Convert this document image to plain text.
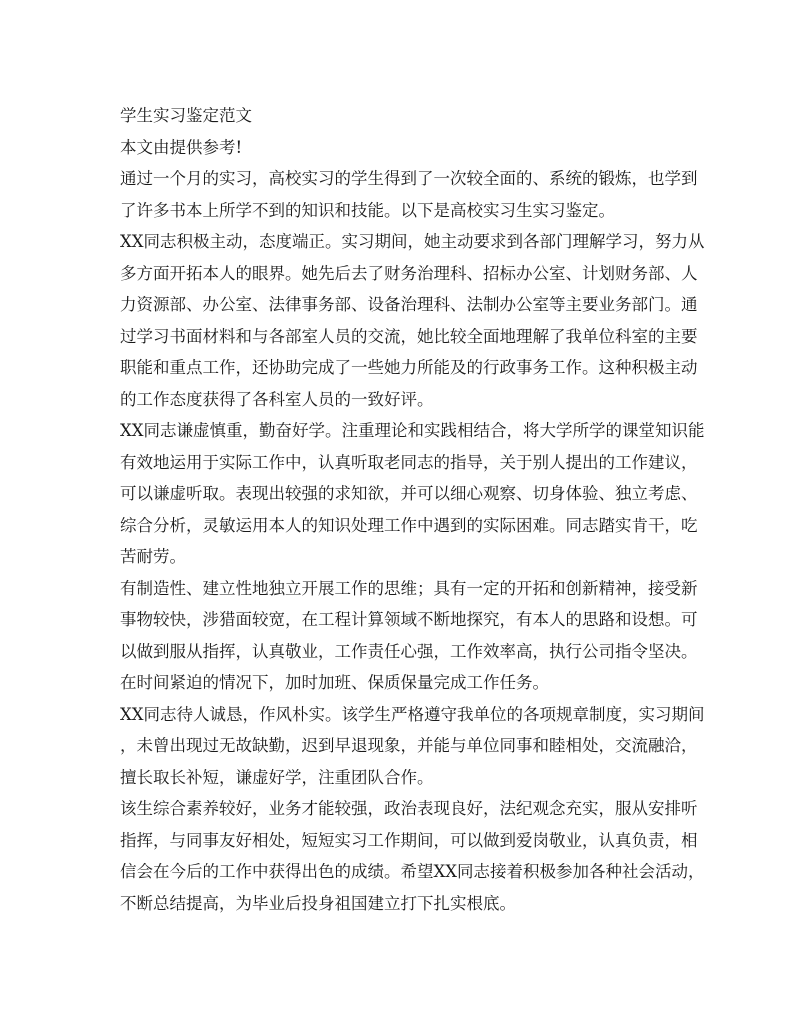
学生实习鉴定范文
本文由提供参考!
通过一个月的实习，高校实习的学生得到了一次较全面的、系统的锻炼，也学到
了许多书本上所学不到的知识和技能。以下是高校实习生实习鉴定。
XX同志积极主动，态度端正。实习期间，她主动要求到各部门理解学习，努力从
多方面开拓本人的眼界。她先后去了财务治理科、招标办公室、计划财务部、人
力资源部、办公室、法律事务部、设备治理科、法制办公室等主要业务部门。通
过学习书面材料和与各部室人员的交流，她比较全面地理解了我单位科室的主要
职能和重点工作，还协助完成了一些她力所能及的行政事务工作。这种积极主动
的工作态度获得了各科室人员的一致好评。
XX同志谦虚慎重，勤奋好学。注重理论和实践相结合，将大学所学的课堂知识能
有效地运用于实际工作中，认真听取老同志的指导，关于别人提出的工作建议，
可以谦虚听取。表现出较强的求知欲，并可以细心观察、切身体验、独立考虑、
综合分析，灵敏运用本人的知识处理工作中遇到的实际困难。同志踏实肯干，吃
苦耐劳。
有制造性、建立性地独立开展工作的思维；具有一定的开拓和创新精神，接受新
事物较快，涉猎面较宽，在工程计算领域不断地探究，有本人的思路和设想。可
以做到服从指挥，认真敬业，工作责任心强，工作效率高，执行公司指令坚决。
在时间紧迫的情况下，加时加班、保质保量完成工作任务。
XX同志待人诚恳，作风朴实。该学生严格遵守我单位的各项规章制度，实习期间
，未曾出现过无故缺勤，迟到早退现象，并能与单位同事和睦相处，交流融洽，
擅长取长补短，谦虚好学，注重团队合作。
该生综合素养较好，业务才能较强，政治表现良好，法纪观念充实，服从安排听
指挥，与同事友好相处，短短实习工作期间，可以做到爱岗敬业，认真负责，相
信会在今后的工作中获得出色的成绩。希望XX同志接着积极参加各种社会活动，
不断总结提高，为毕业后投身祖国建立打下扎实根底。
